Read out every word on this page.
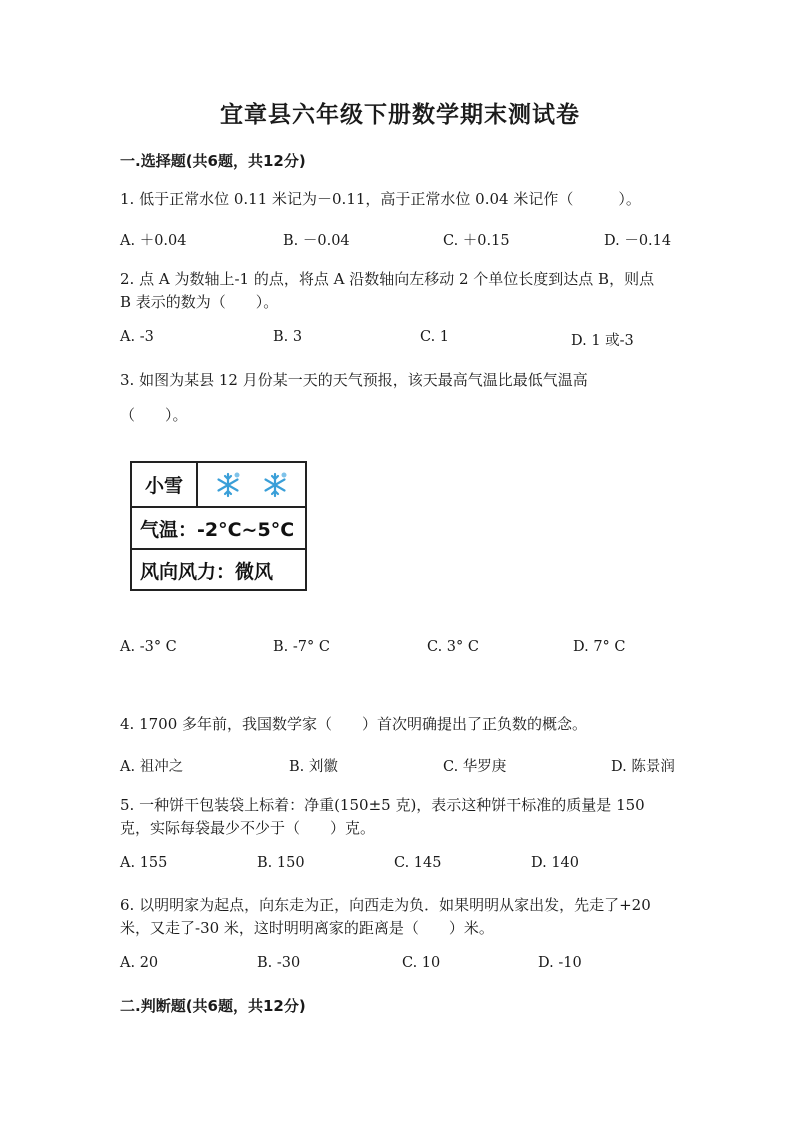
宜章县六年级下册数学期末测试卷
一.选择题(共6题，共12分)
1. 低于正常水位 0.11 米记为－0.11，高于正常水位 0.04 米记作（　　　）。
A. ＋0.04	B. －0.04	C. ＋0.15	D. －0.14
2. 点 A 为数轴上-1 的点，将点 A 沿数轴向左移动 2 个单位长度到达点 B，则点
B 表示的数为（　　）。
A. -3	B. 3	C. 1	D. 1 或-3
3. 如图为某县 12 月份某一天的天气预报，该天最高气温比最低气温高
（　　）。
小雪
气温：-2°C~5°C
风向风力：微风
A. -3° C	B. -7° C	C. 3° C	D. 7° C
4. 1700 多年前，我国数学家（　　）首次明确提出了正负数的概念。
A. 祖冲之	B. 刘徽	C. 华罗庚	D. 陈景润
5. 一种饼干包装袋上标着：净重(150±5 克)，表示这种饼干标准的质量是 150
克，实际每袋最少不少于（　　）克。
A. 155	B. 150	C. 145	D. 140
6. 以明明家为起点，向东走为正，向西走为负．如果明明从家出发，先走了+20
米，又走了-30 米，这时明明离家的距离是（　　）米。
A. 20	B. -30	C. 10	D. -10
二.判断题(共6题，共12分)
